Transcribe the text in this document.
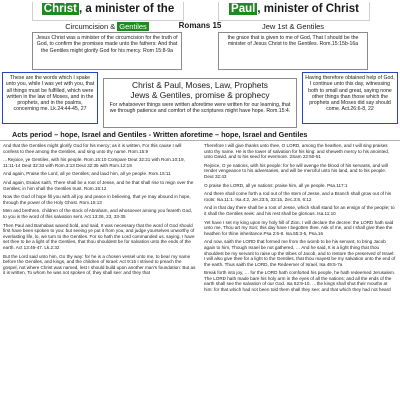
Christ , a minister of the	Paul , minister of Christ
Circumcision & Gentiles	Romans 15	Jew 1st & Gentiles
Jesus Christ was a minister of the circumcision for the truth of God, to confirm the promises made unto the fathers: And that the Gentiles might glorify God for his mercy. Rom 15:8-9a
the grace that is given to me of God, That I should be the minister of Jesus Christ to the Gentiles. Rom.15:15b-16a
These are the words which I spake unto you, while I was yet with you, that all things must be fulfilled, which were written in the law of Moses, and in the prophets, and in the psalms, concerning me. Lk.24:44-45, 27
Christ & Paul, Moses, Law, Prophets
Jews & Gentiles, promise & prophecy
For whatsoever things were written aforetime were written for our learning, that we through patience and comfort of the scriptures might have hope. Rom.15:4.
Having therefore obtained help of God, I continue unto this day, witnessing both to small and great, saying none other things than those which the prophets and Moses did say should come. Act.26:6-8, 22
Acts period – hope, Israel and Gentiles - Written aforetime – hope, Israel and Gentiles
And that the Gentiles might glorify God for his mercy; as it is written, For this cause I will confess to thee among the Gentiles, and sing unto thy name. Rom.15:9
…Rejoice, ye Gentiles, with his people. Rom.15:10 Compare Deut 32:21 with Rom.10:19, 11:11-14 Deut 32:33 with Rom.3:13 Deut 32:35 with Rom.12:19
And again, Praise the Lord, all ye Gentiles; and laud him, all ye people. Rom.15:11
And again, Esaias saith, There shall be a root of Jesse, and he that shall rise to reign over the Gentiles; in him shall the Gentiles trust. Rom.15:12
Now the God of hope fill you with all joy and peace in believing, that ye may abound in hope, through the power of the Holy Ghost. Rom.15:13
Men and brethren, children of the stock of Abraham, and whosoever among you feareth God, to you is the word of this salvation sent. Act 13:26, 23, 33-35
Then Paul and Barnabas waxed bold, and said, It was necessary that the word of God should first have been spoken to you: but seeing ye put it from you, and judge yourselves unworthy of everlasting life, lo, we turn to the Gentiles. For so hath the Lord commanded us, saying, I have set thee to be a light of the Gentiles, that thou shouldest be for salvation unto the ends of the earth. Act 13:46-47. Lk.2:32
But the Lord said unto him, Go thy way: for he is a chosen vessel unto me, to bear my name before the Gentiles, and kings, and the children of Israel: Act 9:15 I strived to preach the gospel, not where Christ was named, lest I should build upon another man's foundation: But as it is written, To whom he was not spoken of, they shall see: and they that
Therefore I will give thanks unto thee, O LORD, among the heathen, and I will sing praises unto thy name. He is the tower of salvation for his king: and sheweth mercy to his anointed, unto David, and to his seed for evermore. 2Sam 22:50-51
Rejoice, O ye nations, with his people: for he will avenge the blood of his servants, and will render vengeance to his adversaries, and will be merciful unto his land, and to his people. Deut 32:43
O praise the LORD, all ye nations: praise him, all ye people. Psa.117:1
And there shall come forth a rod out of the stem of Jesse, and a Branch shall grow out of his roots: Isa.11:1. Isa.4:2, Jer.23:5, 33:15, Zec.3:8, 6:12
And in that day there shall be a root of Jesse, which shall stand for an ensign of the people; to it shall the Gentiles seek: and his rest shall be glorious. Isa.11:10
Yet have I set my king upon my holy hill of Zion. I will declare the decree: the LORD hath said unto me, Thou art my Son; this day have I begotten thee. Ask of me, and I shall give thee the heathen for thine inheritance.Psa 2:6-8. Isa.55:3-5, Psa.16
And now, saith the LORD that formed me from the womb to be his servant, to bring Jacob again to him, Though Israel be not gathered, … And he said, It is a light thing that thou shouldest be my servant to raise up the tribes of Jacob, and to restore the preserved of Israel: I will also give thee for a light to the Gentiles, that thou mayest be my salvation unto the end of the earth. Thus saith the LORD, the Redeemer of Israel, Isa 49:5-7a
Break forth into joy, … for the LORD hath comforted his people, he hath redeemed Jerusalem. The LORD hath made bare his holy arm in the eyes of all the nations; and all the ends of the earth shall see the salvation of our God. Isa 52:9-10. …the kings shall shut their mouths at him: for that which had not been told them shall they see; and that which they had not heard
